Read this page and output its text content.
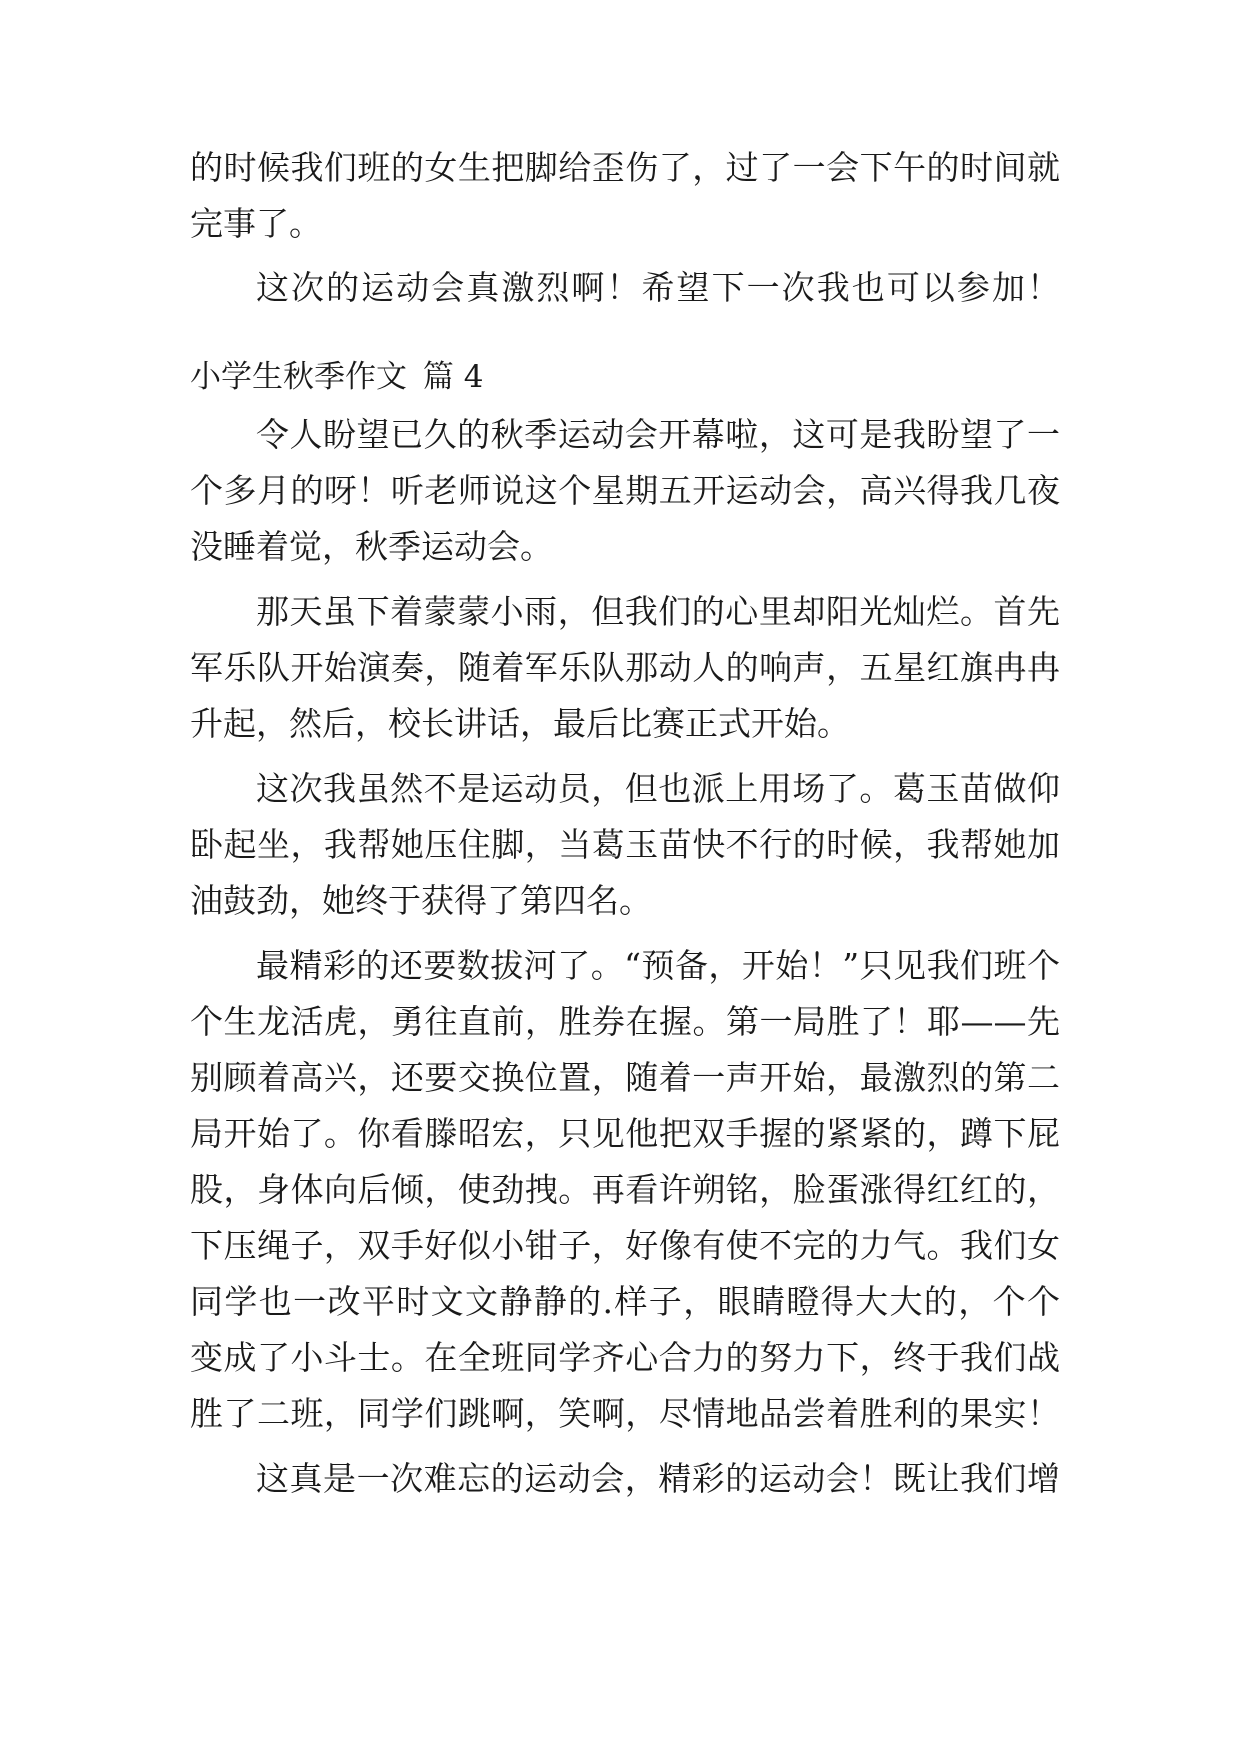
的时候我们班的女生把脚给歪伤了，过了一会下午的时间就

完事了。

这次的运动会真激烈啊！希望下一次我也可以参加！

小学生秋季作文 篇 4

令人盼望已久的秋季运动会开幕啦，这可是我盼望了一

个多月的呀！听老师说这个星期五开运动会，高兴得我几夜

没睡着觉，秋季运动会。

那天虽下着蒙蒙小雨，但我们的心里却阳光灿烂。首先

军乐队开始演奏，随着军乐队那动人的响声，五星红旗冉冉

升起，然后，校长讲话，最后比赛正式开始。

这次我虽然不是运动员，但也派上用场了。葛玉苗做仰

卧起坐，我帮她压住脚，当葛玉苗快不行的时候，我帮她加

油鼓劲，她终于获得了第四名。

最精彩的还要数拔河了。“预备，开始！”只见我们班个

个生龙活虎，勇往直前，胜券在握。第一局胜了！耶——先

别顾着高兴，还要交换位置，随着一声开始，最激烈的第二

局开始了。你看滕昭宏，只见他把双手握的紧紧的，蹲下屁

股，身体向后倾，使劲拽。再看许朔铭，脸蛋涨得红红的，

下压绳子，双手好似小钳子，好像有使不完的力气。我们女

同学也一改平时文文静静的.样子，眼睛瞪得大大的，个个

变成了小斗士。在全班同学齐心合力的努力下，终于我们战

胜了二班，同学们跳啊，笑啊，尽情地品尝着胜利的果实！

这真是一次难忘的运动会，精彩的运动会！既让我们增
